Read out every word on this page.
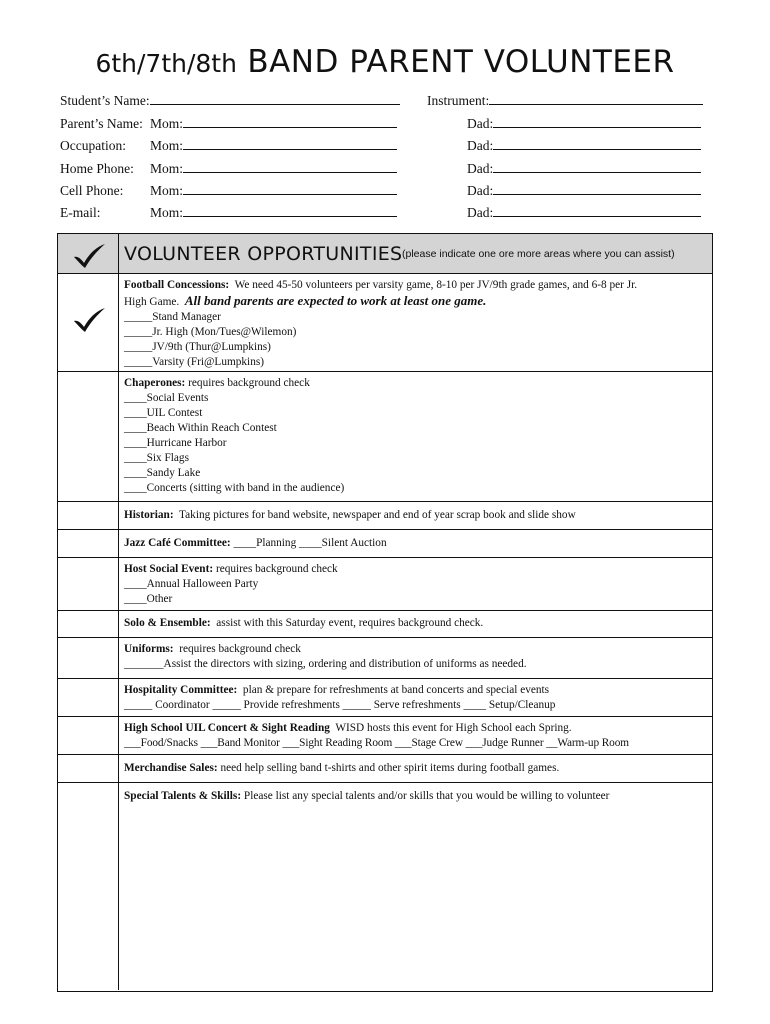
6th/7th/8th BAND PARENT VOLUNTEER
Student’s Name:	Instrument:
Parent’s Name: Mom:	Dad:
Occupation: Mom:	Dad:
Home Phone: Mom:	Dad:
Cell Phone: Mom:	Dad:
E-mail:	Mom:	Dad:
VOLUNTEER OPPORTUNITIES (please indicate one ore more areas where you can assist)
Football Concessions: We need 45-50 volunteers per varsity game, 8-10 per JV/9th grade games, and 6-8 per Jr.
High Game. All band parents are expected to work at least one game.
_____Stand Manager
_____Jr. High (Mon/Tues@Wilemon)
_____JV/9th (Thur@Lumpkins)
_____Varsity (Fri@Lumpkins)
Chaperones: requires background check
____Social Events
____UIL Contest
____Beach Within Reach Contest
____Hurricane Harbor
____Six Flags
____Sandy Lake
____Concerts (sitting with band in the audience)
Historian: Taking pictures for band website, newspaper and end of year scrap book and slide show
Jazz Café Committee: ____Planning ____Silent Auction
Host Social Event: requires background check
____Annual Halloween Party
____Other
Solo & Ensemble: assist with this Saturday event, requires background check.
Uniforms: requires background check
_______Assist the directors with sizing, ordering and distribution of uniforms as needed.
Hospitality Committee: plan & prepare for refreshments at band concerts and special events
_____ Coordinator _____ Provide refreshments _____ Serve refreshments ____ Setup/Cleanup
High School UIL Concert & Sight Reading WISD hosts this event for High School each Spring.
___Food/Snacks ___Band Monitor ___Sight Reading Room ___Stage Crew ___Judge Runner __Warm-up Room
Merchandise Sales: need help selling band t-shirts and other spirit items during football games.
Special Talents & Skills: Please list any special talents and/or skills that you would be willing to volunteer
